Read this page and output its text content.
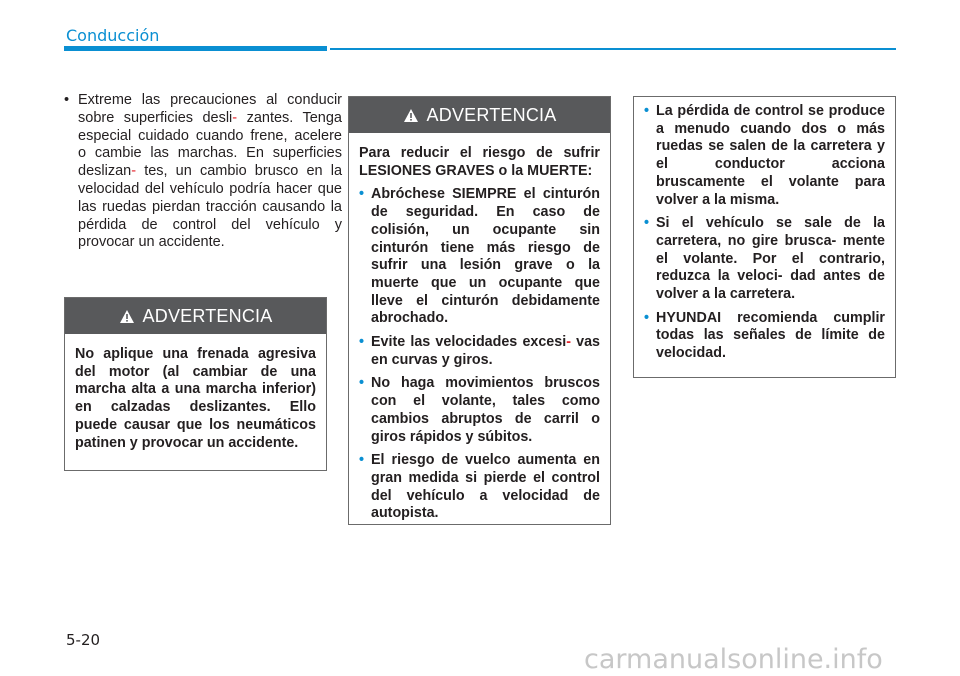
Conducción
• Extreme las precauciones al conducir sobre superficies desli- zantes. Tenga especial cuidado cuando frene, acelere o cambie las marchas. En superficies deslizan- tes, un cambio brusco en la velocidad del vehículo podría hacer que las ruedas pierdan tracción causando la pérdida de control del vehículo y provocar un accidente.
ADVERTENCIA

No aplique una frenada agresiva del motor (al cambiar de una marcha alta a una marcha inferior) en calzadas deslizantes. Ello puede causar que los neumáticos patinen y provocar un accidente.

ADVERTENCIA

Para reducir el riesgo de sufrir LESIONES GRAVES o la MUERTE:

• Abróchese SIEMPRE el cinturón de seguridad. En caso de colisión, un ocupante sin cinturón tiene más riesgo de sufrir una lesión grave o la muerte que un ocupante que lleve el cinturón debidamente abrochado.
• Evite las velocidades excesi- vas en curvas y giros.
• No haga movimientos bruscos con el volante, tales como cambios abruptos de carril o giros rápidos y súbitos.
• El riesgo de vuelco aumenta en gran medida si pierde el control del vehículo a velocidad de autopista.
• La pérdida de control se produce a menudo cuando dos o más ruedas se salen de la carretera y el conductor acciona bruscamente el volante para volver a la misma.
• Si el vehículo se sale de la carretera, no gire brusca- mente el volante. Por el contrario, reduzca la veloci- dad antes de volver a la carretera.
• HYUNDAI recomienda cumplir todas las señales de límite de velocidad.
5-20
carmanualsonline.info
